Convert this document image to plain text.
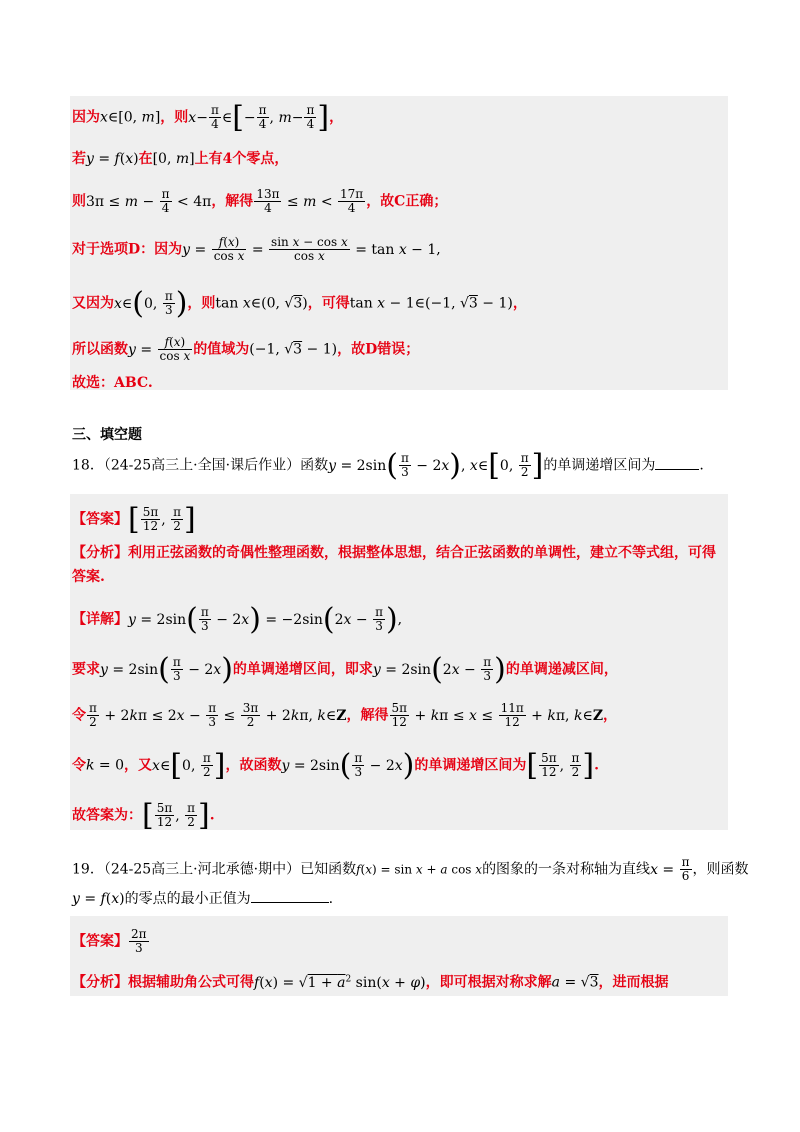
因为x∈[0, m]，则$x- \frac{\pi}{4}$ ∈[− $\frac{\pi}{4}$ , $m- \frac{\pi}{4}$ ]，
若y = f(x)在[0, m]上有4个零点，
则$3\pi \le m - \frac{\pi}{4} < 4\pi$，解得 $\frac{13\pi}{4} \le m < \frac{17\pi}{4}$ ，故C正确；
对于选项D：因为$y = \frac{f(x)}{\text{cos x}} = \frac{\text{sin x − cos x}}{\text{cos x}} = \tan x - 1$,
又因为x∈(0, $\frac{\pi}{3}$ )，则tan x∈(0, √3)，可得tan x − 1∈(−1, √3 − 1)，
所以函数$y = \frac{f(x)}{\text{cos x}}$ 的值域为(−1, √3 − 1)，故D错误；
故选：ABC.
三、填空题
18．（24-25高三上·全国·课后作业）函数$y = 2\sin( \frac{\pi}{3} - 2x)$, x∈[0, $\frac{\pi}{2}$ ]的单调递增区间为	.
【答案】[ $\frac{5\pi}{12}$ , $\frac{\pi}{2}$ ]
【分析】利用正弦函数的奇偶性整理函数，根据整体思想，结合正弦函数的单调性，建立不等式组，可得
答案.
【详解】$y = 2\sin( \frac{\pi}{3} - 2x) = -2\sin(2x - \frac{\pi}{3}$ ),
要求$y = 2\sin( \frac{\pi}{3} - 2x)$的单调递增区间，即求$y = 2\sin(2x - \frac{\pi}{3}$ )的单调递减区间，
令 $\frac{\pi}{2} + 2k\pi \le 2x - \frac{\pi}{3} \le \frac{3\pi}{2} + 2k\pi$, k∈Z，解得 $\frac{5\pi}{12} + k\pi \le x \le \frac{11\pi}{12} + k\pi$, k∈Z，
令k = 0，又x∈[0, $\frac{\pi}{2}$ ]，故函数$y = 2\sin( \frac{\pi}{3} - 2x)$的单调递增区间为[ $\frac{5\pi}{12}$ , $\frac{\pi}{2}$ ].
故答案为：[ $\frac{5\pi}{12}$ , $\frac{\pi}{2}$ ].
19．（24-25高三上·河北承德·期中）已知函数f(x) = sin x + a cos x的图象的一条对称轴为直线$x = \frac{\pi}{6}$ ，则函数
y = f(x)的零点的最小正值为	.
【答案】 $\frac{2\pi}{3}$
【分析】根据辅助角公式可得$f(x) = √1 + \overline{a}^2$ sin(x + φ)，即可根据对称求解a = √3，进而根据
